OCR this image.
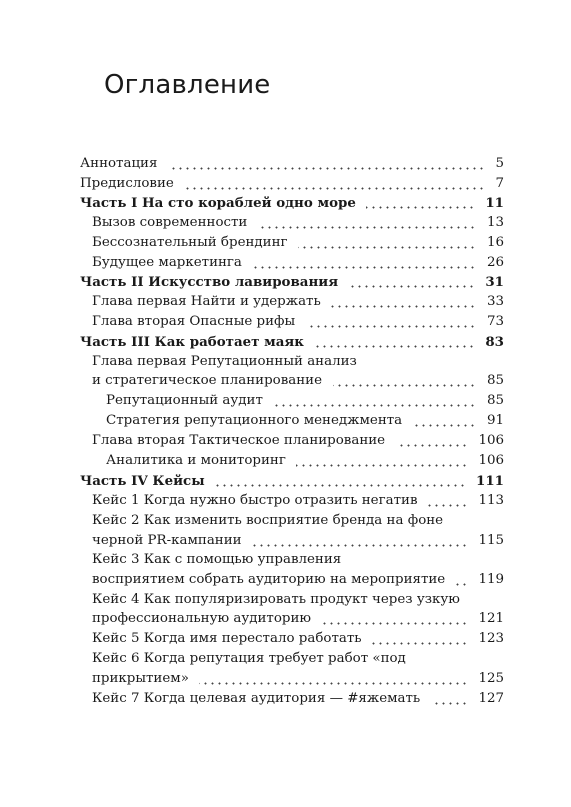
Оглавление
Аннотация	5
Предисловие	7
Часть I На сто кораблей одно море	11
Вызов современности	13
Бессознательный брендинг	16
Будущее маркетинга	26
Часть II Искусство лавирования	31
Глава первая Найти и удержать	33
Глава вторая Опасные рифы	73
Часть III Как работает маяк	83
Глава первая Репутационный анализ
и стратегическое планирование	85
Репутационный аудит	85
Стратегия репутационного менеджмента	91
Глава вторая Тактическое планирование	106
Аналитика и мониторинг	106
Часть IV Кейсы	111
Кейс 1 Когда нужно быстро отразить негатив	113
Кейс 2 Как изменить восприятие бренда на фоне
черной PR-кампании	115
Кейс 3 Как с помощью управления
восприятием собрать аудиторию на мероприятие 119
Кейс 4 Как популяризировать продукт через узкую
профессиональную аудиторию	121
Кейс 5 Когда имя перестало работать	123
Кейс 6 Когда репутация требует работ «под
прикрытием»	125
Кейс 7 Когда целевая аудитория — #яжемать	127
